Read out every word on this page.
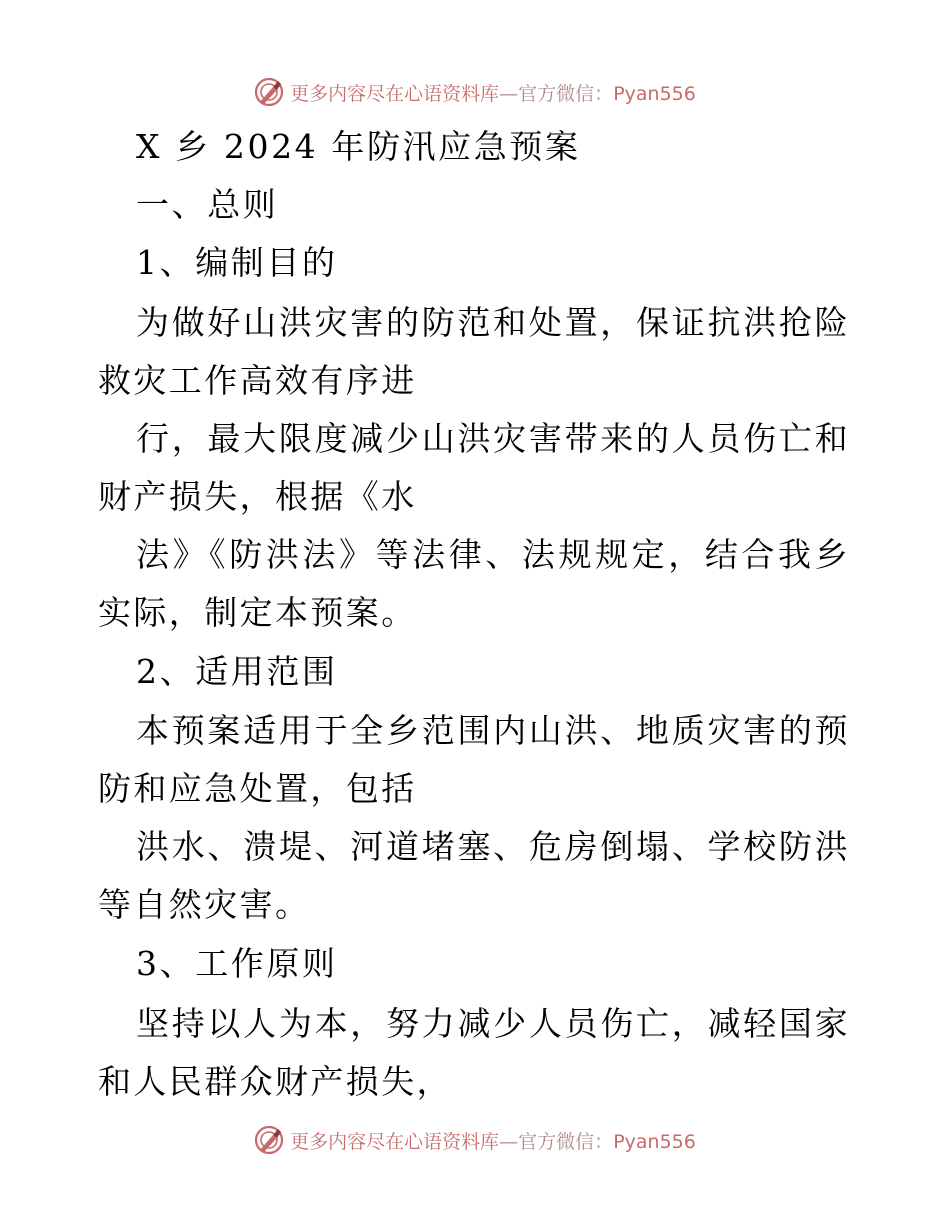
更多内容尽在心语资料库—官方微信：Pyan556
X 乡 2024 年防汛应急预案
一、总则
1、编制目的

为做好山洪灾害的防范和处置，保证抗洪抢险救灾工作高效有序进

行，最大限度减少山洪灾害带来的人员伤亡和财产损失，根据《水

法》《防洪法》等法律、法规规定，结合我乡实际，制定本预案。

2、适用范围

本预案适用于全乡范围内山洪、地质灾害的预防和应急处置，包括

洪水、溃堤、河道堵塞、危房倒塌、学校防洪等自然灾害。

3、工作原则

坚持以人为本，努力减少人员伤亡，减轻国家和人民群众财产损失，

更多内容尽在心语资料库—官方微信：Pyan556
